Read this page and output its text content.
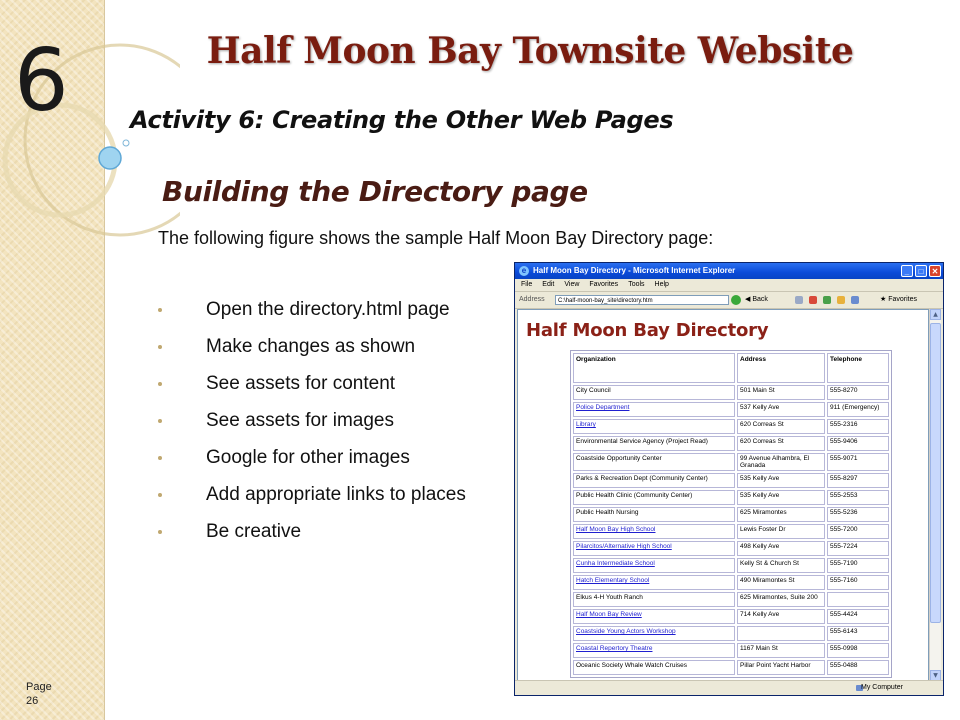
6
Page
26
Half Moon Bay Townsite Website
Activity 6: Creating the Other Web Pages
Building the Directory page
The following figure shows the sample Half Moon Bay Directory page:
Open the directory.html page
Make changes as shown
See assets for content
See assets for images
Google for other images
Add appropriate links to places
Be creative
e Half Moon Bay Directory - Microsoft Internet Explorer	_	□	✕
File Edit View Favorites Tools Help
Address	C:\half-moon-bay_site\directory.htm	◀ Back	★ Favorites
Half Moon Bay Directory
Organization	Address	Telephone
City Council	501 Main St	555-8270
Police Department	537 Kelly Ave	911 (Emergency)
Library	620 Correas St	555-2316
Environmental Service Agency (Project Read)	620 Correas St	555-9406
Coastside Opportunity Center	99 Avenue Alhambra, El Granada	555-9071
Parks & Recreation Dept (Community Center)	535 Kelly Ave	555-8297
Public Health Clinic (Community Center)	535 Kelly Ave	555-2553
Public Health Nursing	625 Miramontes	555-5236
Half Moon Bay High School	Lewis Foster Dr	555-7200
Pilarcitos/Alternative High School	498 Kelly Ave	555-7224
Cunha Intermediate School	Kelly St & Church St	555-7190
Hatch Elementary School	490 Miramontes St	555-7160
Elkus 4-H Youth Ranch	625 Miramontes, Suite 200	
Half Moon Bay Review	714 Kelly Ave	555-4424
Coastside Young Actors Workshop		555-6143
Coastal Repertory Theatre	1167 Main St	555-0998
Oceanic Society Whale Watch Cruises	Pillar Point Yacht Harbor	555-0488
▲
▼
My Computer
